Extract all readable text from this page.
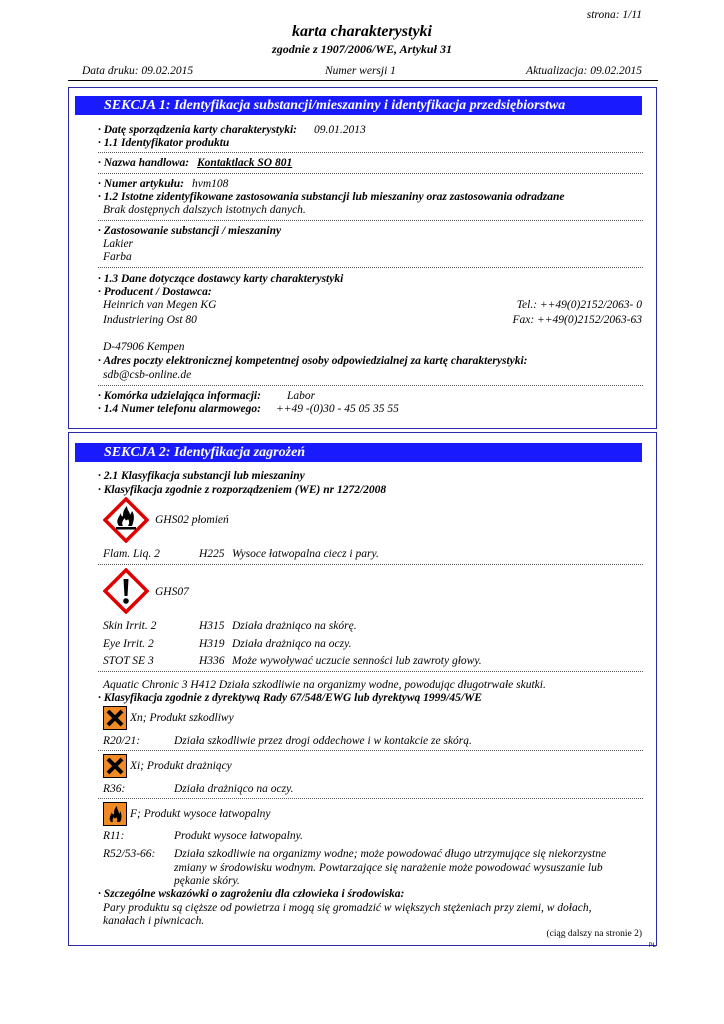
strona: 1/11
karta charakterystyki
zgodnie z 1907/2006/WE, Artykuł 31
Data druku: 09.02.2015	Numer wersji 1	Aktualizacja: 09.02.2015
SEKCJA 1: Identyfikacja substancji/mieszaniny i identyfikacja przedsiębiorstwa
· Datę sporządzenia karty charakterystyki: 09.01.2013
· 1.1 Identyfikator produktu
· Nazwa handlowa: Kontaktlack SO 801
· Numer artykułu: hvm108
· 1.2 Istotne zidentyfikowane zastosowania substancji lub mieszaniny oraz zastosowania odradzane
Brak dostępnych dalszych istotnych danych.
· Zastosowanie substancji / mieszaniny
Lakier
Farba
· 1.3 Dane dotyczące dostawcy karty charakterystyki
· Producent / Dostawca:
Heinrich van Megen KG	Tel.: ++49(0)2152/2063- 0
Industriering Ost 80	Fax: ++49(0)2152/2063-63
D-47906 Kempen
· Adres poczty elektronicznej kompetentnej osoby odpowiedzialnej za kartę charakterystyki:
sdb@csb-online.de
· Komórka udzielająca informacji: Labor
· 1.4 Numer telefonu alarmowego: ++49 -(0)30 - 45 05 35 55
SEKCJA 2: Identyfikacja zagrożeń
· 2.1 Klasyfikacja substancji lub mieszaniny
· Klasyfikacja zgodnie z rozporządzeniem (WE) nr 1272/2008
GHS02 płomień
Flam. Liq. 2	H225 Wysoce łatwopalna ciecz i pary.
GHS07
Skin Irrit. 2	H315 Działa drażniąco na skórę.
Eye Irrit. 2	H319 Działa drażniąco na oczy.
STOT SE 3	H336 Może wywoływać uczucie senności lub zawroty głowy.
Aquatic Chronic 3 H412 Działa szkodliwie na organizmy wodne, powodując długotrwałe skutki.
· Klasyfikacja zgodnie z dyrektywą Rady 67/548/EWG lub dyrektywą 1999/45/WE
Xn; Produkt szkodliwy
R20/21:	Działa szkodliwie przez drogi oddechowe i w kontakcie ze skórą.
Xi; Produkt drażniący
R36:	Działa drażniąco na oczy.
F; Produkt wysoce łatwopalny
R11:	Produkt wysoce łatwopalny.
R52/53-66: Działa szkodliwie na organizmy wodne; może powodować długo utrzymujące się niekorzystne
zmiany w środowisku wodnym. Powtarzające się narażenie może powodować wysuszanie lub
pękanie skóry.
· Szczególne wskazówki o zagrożeniu dla człowieka i środowiska:
Pary produktu są cięższe od powietrza i mogą się gromadzić w większych stężeniach przy ziemi, w dołach,
kanałach i piwnicach.
(ciąg dalszy na stronie 2)
PL
